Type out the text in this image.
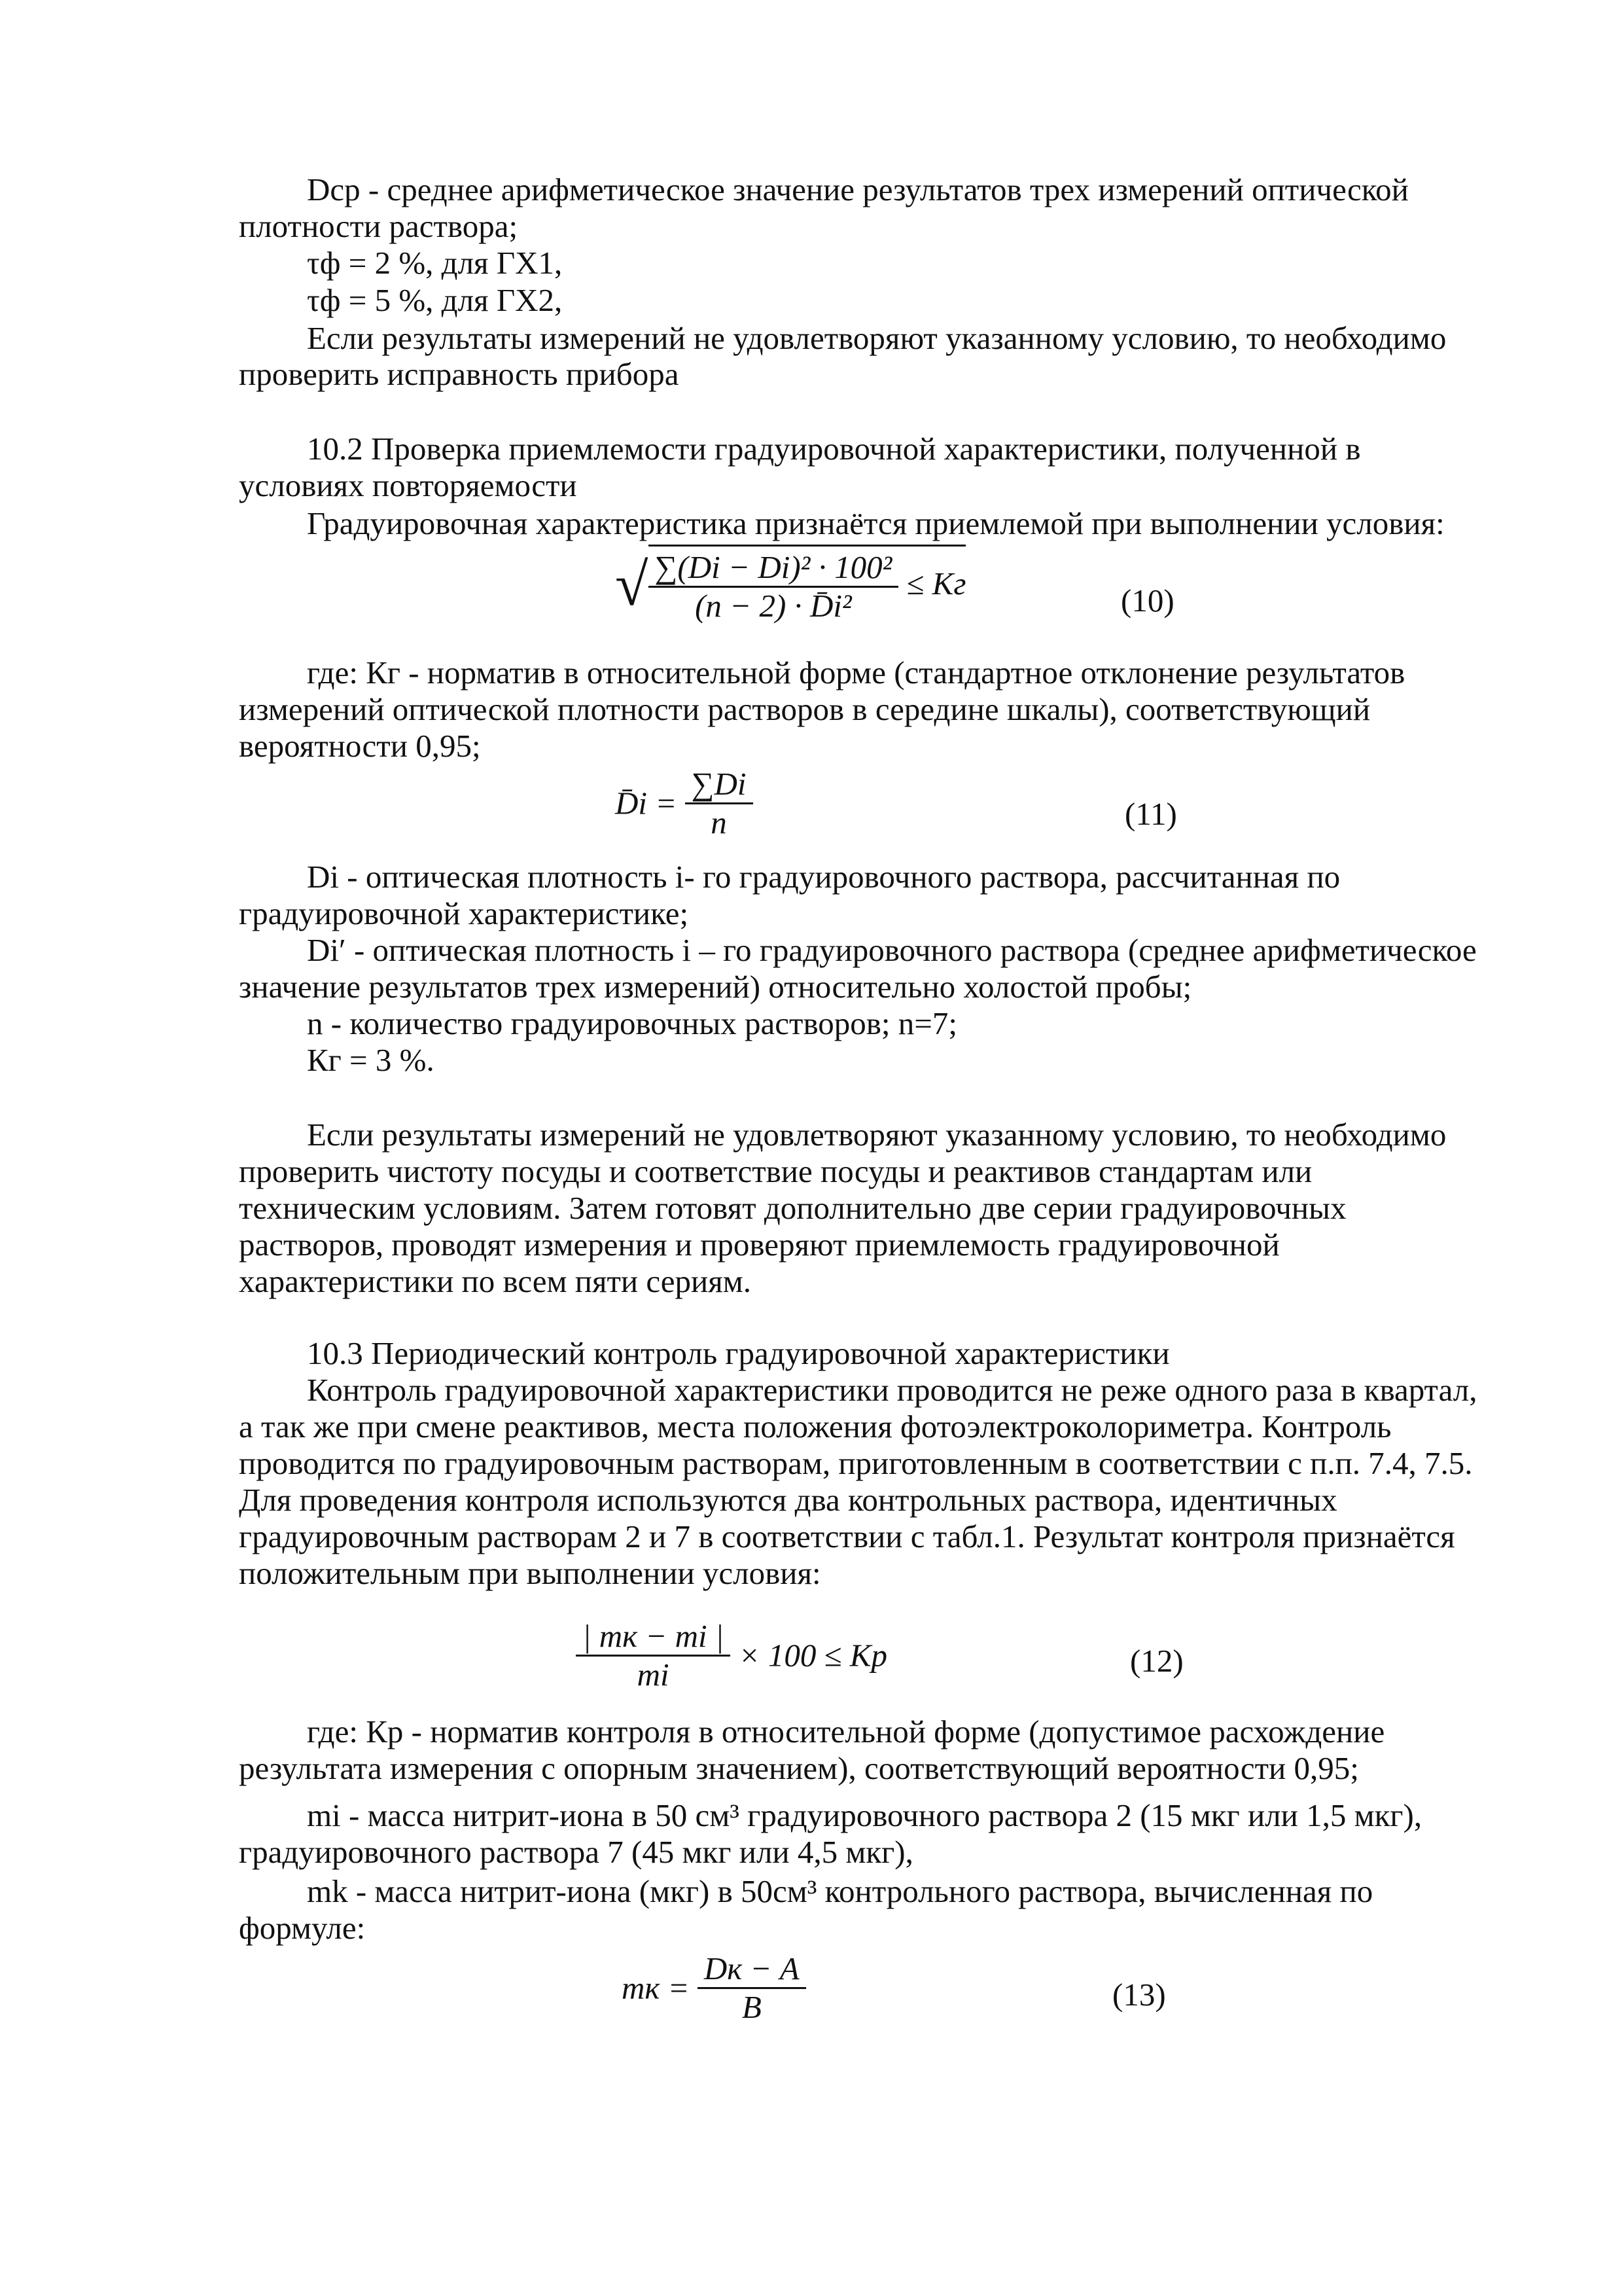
Dср - среднее арифметическое значение результатов трех измерений оптической

плотности раствора;

τф = 2 %, для ГХ1,

τф = 5 %, для ГХ2,

Если результаты измерений не удовлетворяют указанному условию, то необходимо

проверить исправность прибора

10.2 Проверка приемлемости градуировочной характеристики, полученной в

условиях повторяемости

Градуировочная характеристика признаётся приемлемой при выполнении условия:

√ $\frac{\text{∑(Dі − Dі)² · 100²}}{\text{(n − 2) · D̄і²}}$ ≤ Kг	(10)

где: Кг - норматив в относительной форме (стандартное отклонение результатов

измерений оптической плотности растворов в середине шкалы), соответствующий

вероятности 0,95;

D̄і = $\frac{\sum Dі}{n}$	(11)

Dі - оптическая плотность і- го градуировочного раствора, рассчитанная по

градуировочной характеристике;

Dі′ - оптическая плотность і – го градуировочного раствора (среднее арифметическое

значение результатов трех измерений) относительно холостой пробы;

n - количество градуировочных растворов; n=7;

Кг = 3 %.

Если результаты измерений не удовлетворяют указанному условию, то необходимо

проверить чистоту посуды и соответствие посуды и реактивов стандартам или

техническим условиям. Затем готовят дополнительно две серии градуировочных

растворов, проводят измерения и проверяют приемлемость градуировочной

характеристики по всем пяти сериям.

10.3 Периодический контроль градуировочной характеристики

Контроль градуировочной характеристики проводится не реже одного раза в квартал,

а так же при смене реактивов, места положения фотоэлектроколориметра. Контроль

проводится по градуировочным растворам, приготовленным в соответствии с п.п. 7.4, 7.5.

Для проведения контроля используются два контрольных раствора, идентичных

градуировочным растворам 2 и 7 в соответствии с табл.1. Результат контроля признаётся

положительным при выполнении условия:

$\frac{| mк - mі |}{mі} \times 100$ ≤ Kр	(12)

где: Кр - норматив контроля в относительной форме (допустимое расхождение

результата измерения с опорным значением), соответствующий вероятности 0,95;

mі - масса нитрит-иона в 50 см³ градуировочного раствора 2 (15 мкг или 1,5 мкг),

градуировочного раствора 7 (45 мкг или 4,5 мкг),

mk - масса нитрит-иона (мкг) в 50см³ контрольного раствора, вычисленная по

формуле:

mк = $\frac{Dк - A}{B}$	(13)
